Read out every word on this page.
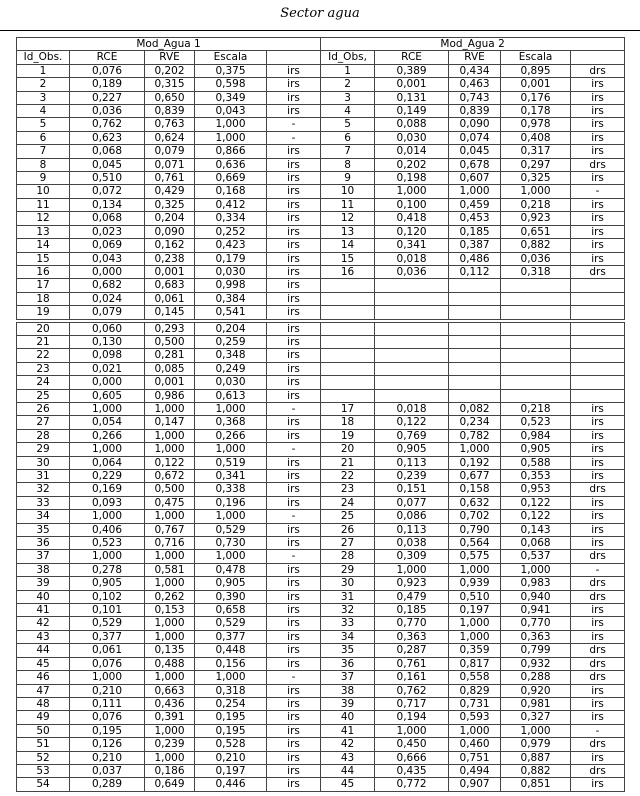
Sector agua
Mod_Agua 1					Mod_Agua 2				
Id_Obs.	RCE	RVE	Escala		Id_Obs,	RCE	RVE	Escala	
1	0,076	0,202	0,375	irs	1	0,389	0,434	0,895	drs
2	0,189	0,315	0,598	irs	2	0,001	0,463	0,001	irs
3	0,227	0,650	0,349	irs	3	0,131	0,743	0,176	irs
4	0,036	0,839	0,043	irs	4	0,149	0,839	0,178	irs
5	0,762	0,763	1,000	-	5	0,088	0,090	0,978	irs
6	0,623	0,624	1,000	-	6	0,030	0,074	0,408	irs
7	0,068	0,079	0,866	irs	7	0,014	0,045	0,317	irs
8	0,045	0,071	0,636	irs	8	0,202	0,678	0,297	drs
9	0,510	0,761	0,669	irs	9	0,198	0,607	0,325	irs
10	0,072	0,429	0,168	irs	10	1,000	1,000	1,000	-
11	0,134	0,325	0,412	irs	11	0,100	0,459	0,218	irs
12	0,068	0,204	0,334	irs	12	0,418	0,453	0,923	irs
13	0,023	0,090	0,252	irs	13	0,120	0,185	0,651	irs
14	0,069	0,162	0,423	irs	14	0,341	0,387	0,882	irs
15	0,043	0,238	0,179	irs	15	0,018	0,486	0,036	irs
16	0,000	0,001	0,030	irs	16	0,036	0,112	0,318	drs
17	0,682	0,683	0,998	irs					
18	0,024	0,061	0,384	irs					
19	0,079	0,145	0,541	irs					

20	0,060	0,293	0,204	irs					
21	0,130	0,500	0,259	irs					
22	0,098	0,281	0,348	irs					
23	0,021	0,085	0,249	irs					
24	0,000	0,001	0,030	irs					
25	0,605	0,986	0,613	irs					
26	1,000	1,000	1,000	-	17	0,018	0,082	0,218	irs
27	0,054	0,147	0,368	irs	18	0,122	0,234	0,523	irs
28	0,266	1,000	0,266	irs	19	0,769	0,782	0,984	irs
29	1,000	1,000	1,000	-	20	0,905	1,000	0,905	irs
30	0,064	0,122	0,519	irs	21	0,113	0,192	0,588	irs
31	0,229	0,672	0,341	irs	22	0,239	0,677	0,353	irs
32	0,169	0,500	0,338	irs	23	0,151	0,158	0,953	drs
33	0,093	0,475	0,196	irs	24	0,077	0,632	0,122	irs
34	1,000	1,000	1,000	-	25	0,086	0,702	0,122	irs
35	0,406	0,767	0,529	irs	26	0,113	0,790	0,143	irs
36	0,523	0,716	0,730	irs	27	0,038	0,564	0,068	irs
37	1,000	1,000	1,000	-	28	0,309	0,575	0,537	drs
38	0,278	0,581	0,478	irs	29	1,000	1,000	1,000	-
39	0,905	1,000	0,905	irs	30	0,923	0,939	0,983	drs
40	0,102	0,262	0,390	irs	31	0,479	0,510	0,940	drs
41	0,101	0,153	0,658	irs	32	0,185	0,197	0,941	irs
42	0,529	1,000	0,529	irs	33	0,770	1,000	0,770	irs
43	0,377	1,000	0,377	irs	34	0,363	1,000	0,363	irs
44	0,061	0,135	0,448	irs	35	0,287	0,359	0,799	drs
45	0,076	0,488	0,156	irs	36	0,761	0,817	0,932	drs
46	1,000	1,000	1,000	-	37	0,161	0,558	0,288	drs
47	0,210	0,663	0,318	irs	38	0,762	0,829	0,920	irs
48	0,111	0,436	0,254	irs	39	0,717	0,731	0,981	irs
49	0,076	0,391	0,195	irs	40	0,194	0,593	0,327	irs
50	0,195	1,000	0,195	irs	41	1,000	1,000	1,000	-
51	0,126	0,239	0,528	irs	42	0,450	0,460	0,979	drs
52	0,210	1,000	0,210	irs	43	0,666	0,751	0,887	irs
53	0,037	0,186	0,197	irs	44	0,435	0,494	0,882	drs
54	0,289	0,649	0,446	irs	45	0,772	0,907	0,851	irs
